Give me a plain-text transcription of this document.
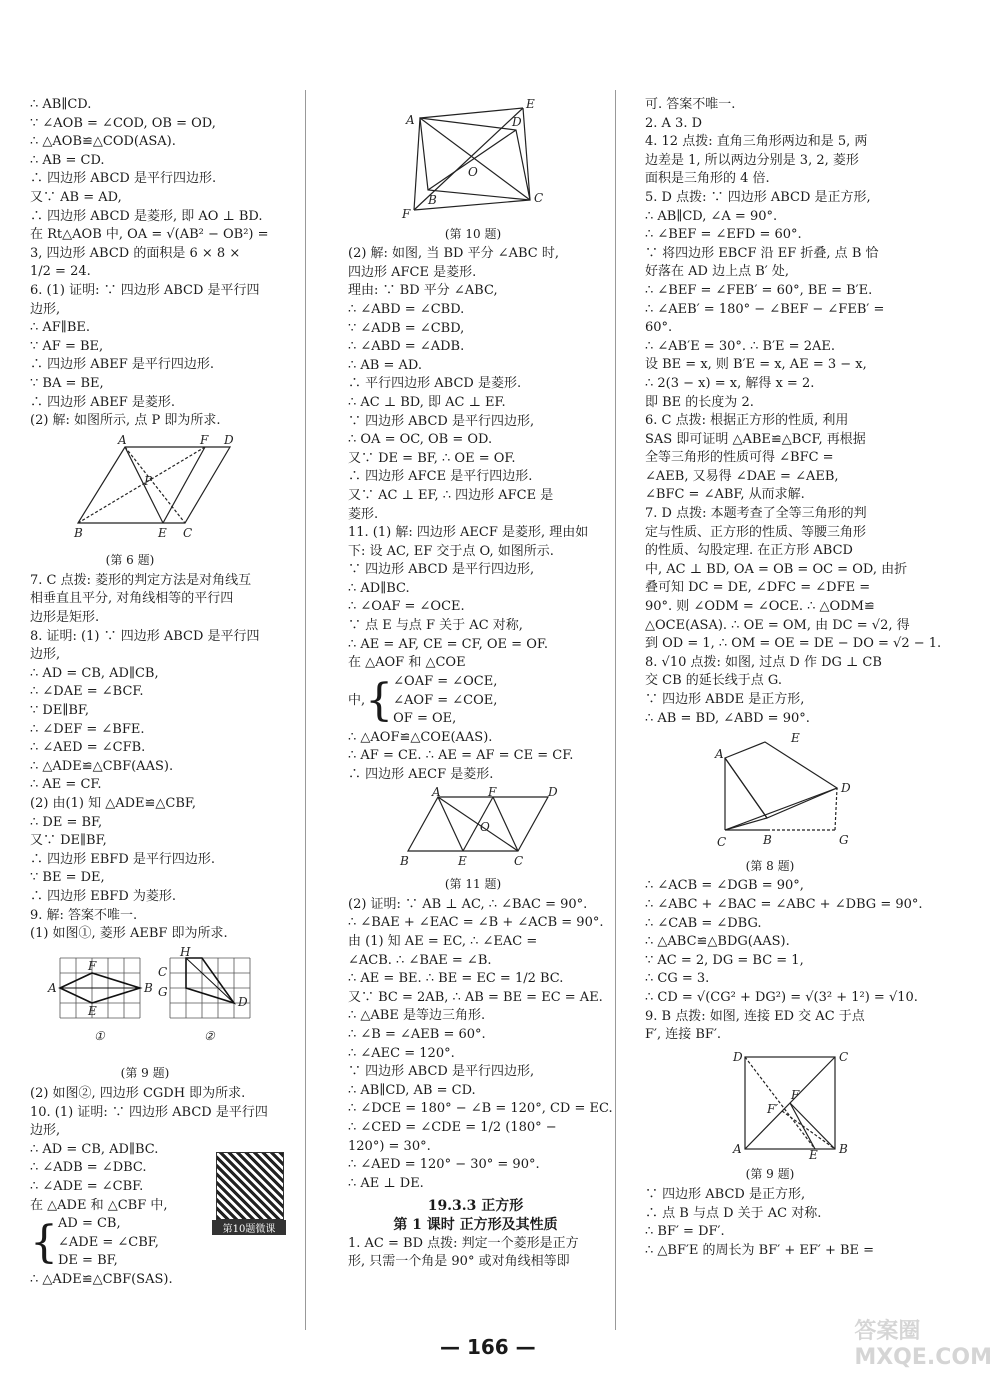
∴ AB∥CD.
∵ ∠AOB = ∠COD, OB = OD,
∴ △AOB≌△COD(ASA).
∴ AB = CD.
∴ 四边形 ABCD 是平行四边形.
又∵ AB = AD,
∴ 四边形 ABCD 是菱形, 即 AO ⊥ BD.
在 Rt△AOB 中, OA = √(AB² − OB²) =
3, 四边形 ABCD 的面积是 6 × 8 ×
1/2 = 24.
6. (1) 证明: ∵ 四边形 ABCD 是平行四
边形,
∴ AF∥BE.
∵ AF = BE,
∴ 四边形 ABEF 是平行四边形.
∵ BA = BE,
∴ 四边形 ABEF 是菱形.
(2) 解: 如图所示, 点 P 即为所求.
A	F D
P
B	E C
(第 6 题)
7. C 点拨: 菱形的判定方法是对角线互
相垂直且平分, 对角线相等的平行四
边形是矩形.
8. 证明: (1) ∵ 四边形 ABCD 是平行四
边形,
∴ AD = CB, AD∥CB,
∴ ∠DAE = ∠BCF.
∵ DE∥BF,
∴ ∠DEF = ∠BFE.
∴ ∠AED = ∠CFB.
∴ △ADE≌△CBF(AAS).
∴ AE = CF.
(2) 由(1) 知 △ADE≌△CBF,
∴ DE = BF,
又∵ DE∥BF,
∴ 四边形 EBFD 是平行四边形.
∵ BE = DE,
∴ 四边形 EBFD 为菱形.
9. 解: 答案不唯一.
(1) 如图①, 菱形 AEBF 即为所求.
F
A
E
B
H
C
G
D
①	②
(第 9 题)
(2) 如图②, 四边形 CGDH 即为所求.
10. (1) 证明: ∵ 四边形 ABCD 是平行四
边形,
∴ AD = CB, AD∥BC.
∴ ∠ADB = ∠DBC.
∴ ∠ADE = ∠CBF.
在 △ADE 和 △CBF 中,
{ AD = CB,
∠ADE = ∠CBF,
DE = BF,
∴ △ADE≌△CBF(SAS).
第10题微课
A
E
D
O
B	C
F
(第 10 题)
(2) 解: 如图, 当 BD 平分 ∠ABC 时,
四边形 AFCE 是菱形.
理由: ∵ BD 平分 ∠ABC,
∴ ∠ABD = ∠CBD.
∵ ∠ADB = ∠CBD,
∴ ∠ABD = ∠ADB.
∴ AB = AD.
∴ 平行四边形 ABCD 是菱形.
∴ AC ⊥ BD, 即 AC ⊥ EF.
∵ 四边形 ABCD 是平行四边形,
∴ OA = OC, OB = OD.
又∵ DE = BF, ∴ OE = OF.
∴ 四边形 AFCE 是平行四边形.
又∵ AC ⊥ EF, ∴ 四边形 AFCE 是
菱形.
11. (1) 解: 四边形 AECF 是菱形, 理由如
下: 设 AC, EF 交于点 O, 如图所示.
∵ 四边形 ABCD 是平行四边形,
∴ AD∥BC.
∴ ∠OAF = ∠OCE.
∵ 点 E 与点 F 关于 AC 对称,
∴ AE = AF, CE = CF, OE = OF.
在 △AOF 和 △COE
中, { ∠OAF = ∠OCE,
∠AOF = ∠COE,
OF = OE,
∴ △AOF≌△COE(AAS).
∴ AF = CE. ∴ AE = AF = CE = CF.
∴ 四边形 AECF 是菱形.
A	F	D
O
B	E	C
(第 11 题)
(2) 证明: ∵ AB ⊥ AC, ∴ ∠BAC = 90°.
∴ ∠BAE + ∠EAC = ∠B + ∠ACB = 90°.
由 (1) 知 AE = EC, ∴ ∠EAC =
∠ACB. ∴ ∠BAE = ∠B.
∴ AE = BE. ∴ BE = EC = 1/2 BC.
又∵ BC = 2AB, ∴ AB = BE = EC = AE.
∴ △ABE 是等边三角形.
∴ ∠B = ∠AEB = 60°.
∴ ∠AEC = 120°.
∵ 四边形 ABCD 是平行四边形,
∴ AB∥CD, AB = CD.
∴ ∠DCE = 180° − ∠B = 120°, CD = EC.
∴ ∠CED = ∠CDE = 1/2 (180° −
120°) = 30°.
∴ ∠AED = 120° − 30° = 90°.
∴ AE ⊥ DE.
19.3.3 正方形
第 1 课时 正方形及其性质
1. AC = BD 点拨: 判定一个菱形是正方
形, 只需一个角是 90° 或对角线相等即
可. 答案不唯一.
2. A 3. D
4. 12 点拨: 直角三角形两边和是 5, 两
边差是 1, 所以两边分别是 3, 2, 菱形
面积是三角形的 4 倍.
5. D 点拨: ∵ 四边形 ABCD 是正方形,
∴ AB∥CD, ∠A = 90°.
∴ ∠BEF = ∠EFD = 60°.
∵ 将四边形 EBCF 沿 EF 折叠, 点 B 恰
好落在 AD 边上点 B′ 处,
∴ ∠BEF = ∠FEB′ = 60°, BE = B′E.
∴ ∠AEB′ = 180° − ∠BEF − ∠FEB′ =
60°.
∴ ∠AB′E = 30°. ∴ B′E = 2AE.
设 BE = x, 则 B′E = x, AE = 3 − x,
∴ 2(3 − x) = x, 解得 x = 2.
即 BE 的长度为 2.
6. C 点拨: 根据正方形的性质, 利用
SAS 即可证明 △ABE≌△BCF, 再根据
全等三角形的性质可得 ∠BFC =
∠AEB, 又易得 ∠DAE = ∠AEB,
∠BFC = ∠ABF, 从而求解.
7. D 点拨: 本题考查了全等三角形的判
定与性质、正方形的性质、等腰三角形
的性质、勾股定理. 在正方形 ABCD
中, AC ⊥ BD, OA = OB = OC = OD, 由折
叠可知 DC = DE, ∠DFC = ∠DFE =
90°. 则 ∠ODM = ∠OCE. ∴ △ODM≌
△OCE(ASA). ∴ OE = OM, 由 DC = √2, 得
到 OD = 1, ∴ OM = OE = DE − DO = √2 − 1.
8. √10 点拨: 如图, 过点 D 作 DG ⊥ CB
交 CB 的延长线于点 G.
∵ 四边形 ABDE 是正方形,
∴ AB = BD, ∠ABD = 90°.
E
A
D
C	B	G
(第 8 题)
∴ ∠ACB = ∠DGB = 90°,
∴ ∠ABC + ∠BAC = ∠ABC + ∠DBG = 90°.
∴ ∠CAB = ∠DBG.
∴ △ABC≌△BDG(AAS).
∵ AC = 2, DG = BC = 1,
∴ CG = 3.
∴ CD = √(CG² + DG²) = √(3² + 1²) = √10.
9. B 点拨: 如图, 连接 ED 交 AC 于点
F′, 连接 BF′.
D	C
F
F′
A	E B
(第 9 题)
∵ 四边形 ABCD 是正方形,
∴ 点 B 与点 D 关于 AC 对称.
∴ BF′ = DF′.
∴ △BF′E 的周长为 BF′ + EF′ + BE =
— 166 —
答案圈 MXQE.COM
